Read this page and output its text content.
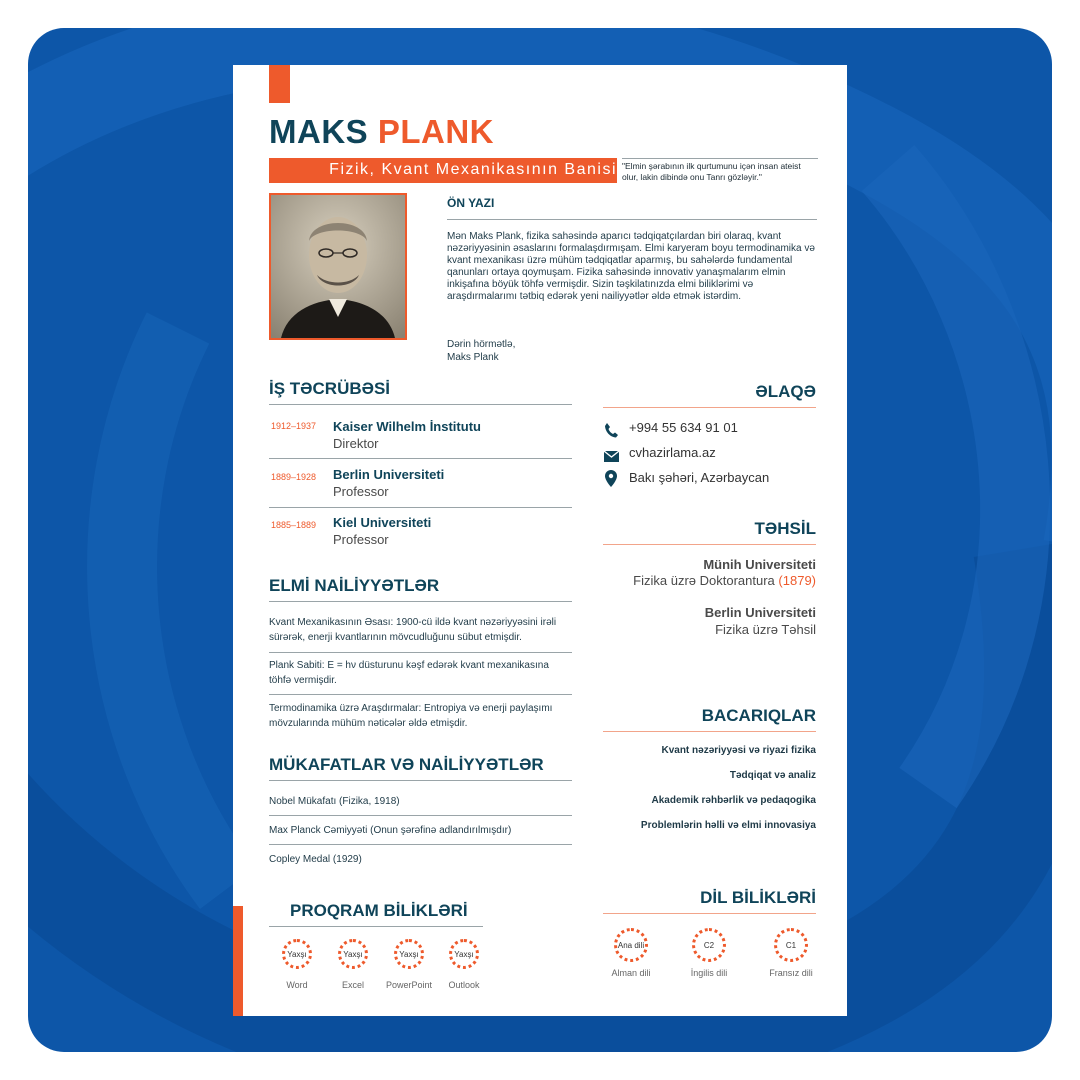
MAKS PLANK
Fizik, Kvant Mexanikasının Banisi "Elmin şərabının ilk qurtumunu içən insan ateist olur, lakin dibində onu Tanrı gözləyir."
ÖN YAZI
Mən Maks Plank, fizika sahəsində aparıcı tədqiqatçılardan biri olaraq, kvant nəzəriyyəsinin əsaslarını formalaşdırmışam. Elmi karyeram boyu termodinamika və kvant mexanikası üzrə mühüm tədqiqatlar aparmış, bu sahələrdə fundamental qanunları ortaya qoymuşam. Fizika sahəsində innovativ yanaşmalarım elmin inkişafına böyük töhfə vermişdir. Sizin təşkilatınızda elmi biliklərimi və araşdırmalarımı tətbiq edərək yeni nailiyyətlər əldə etmək istərdim.
Dərin hörmətlə,
Maks Plank
İŞ TƏCRÜBƏSİ
1912–1937 Kaiser Wilhelm İnstitutu
Direktor
1889–1928 Berlin Universiteti
Professor
1885–1889 Kiel Universiteti
Professor
ELMİ NAİLİYYƏTLƏR
Kvant Mexanikasının Əsası: 1900-cü ildə kvant nəzəriyyəsini irəli sürərək, enerji kvantlarının mövcudluğunu sübut etmişdir.
Plank Sabiti: E = hν düsturunu kəşf edərək kvant mexanikasına töhfə vermişdir.
Termodinamika üzrə Araşdırmalar: Entropiya və enerji paylaşımı mövzularında mühüm nəticələr əldə etmişdir.
MÜKAFATLAR VƏ NAİLİYYƏTLƏR
Nobel Mükafatı (Fizika, 1918)
Max Planck Cəmiyyəti (Onun şərəfinə adlandırılmışdır)
Copley Medal (1929)
PROQRAM BİLİKLƏRİ
Yaxşı
Word
Yaxşı
Excel
Yaxşı
PowerPoint
Yaxşı
Outlook
ƏLAQƏ
+994 55 634 91 01
cvhazirlama.az
Bakı şəhəri, Azərbaycan
TƏHSİL
Münih Universiteti
Fizika üzrə Doktorantura (1879)
Berlin Universiteti
Fizika üzrə Təhsil
BACARIQLAR
Kvant nəzəriyyəsi və riyazi fizika
Tədqiqat və analiz
Akademik rəhbərlik və pedaqogika
Problemlərin həlli və elmi innovasiya
DİL BİLİKLƏRİ
Ana dili
Alman dili
C2
İngilis dili
C1
Fransız dili
